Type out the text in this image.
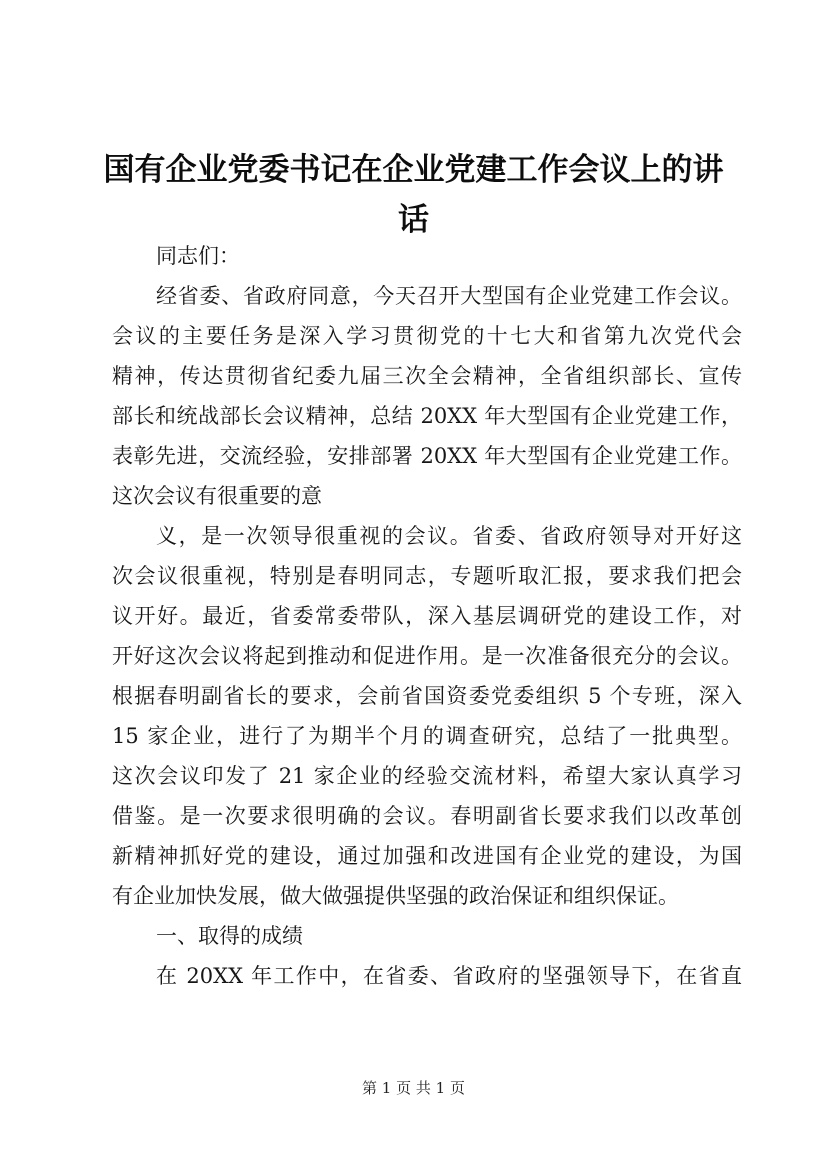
国有企业党委书记在企业党建工作会议上的讲
话
同志们：
经省委、省政府同意，今天召开大型国有企业党建工作会议。
会议的主要任务是深入学习贯彻党的十七大和省第九次党代会
精神，传达贯彻省纪委九届三次全会精神，全省组织部长、宣传
部长和统战部长会议精神，总结 20XX 年大型国有企业党建工作，
表彰先进，交流经验，安排部署 20XX 年大型国有企业党建工作。
这次会议有很重要的意
义，是一次领导很重视的会议。省委、省政府领导对开好这
次会议很重视，特别是春明同志，专题听取汇报，要求我们把会
议开好。最近，省委常委带队，深入基层调研党的建设工作，对
开好这次会议将起到推动和促进作用。是一次准备很充分的会议。
根据春明副省长的要求，会前省国资委党委组织 5 个专班，深入
15 家企业，进行了为期半个月的调查研究，总结了一批典型。
这次会议印发了 21 家企业的经验交流材料，希望大家认真学习
借鉴。是一次要求很明确的会议。春明副省长要求我们以改革创
新精神抓好党的建设，通过加强和改进国有企业党的建设，为国
有企业加快发展，做大做强提供坚强的政治保证和组织保证。
一、取得的成绩
在 20XX 年工作中，在省委、省政府的坚强领导下，在省直
第 1 页 共 1 页
